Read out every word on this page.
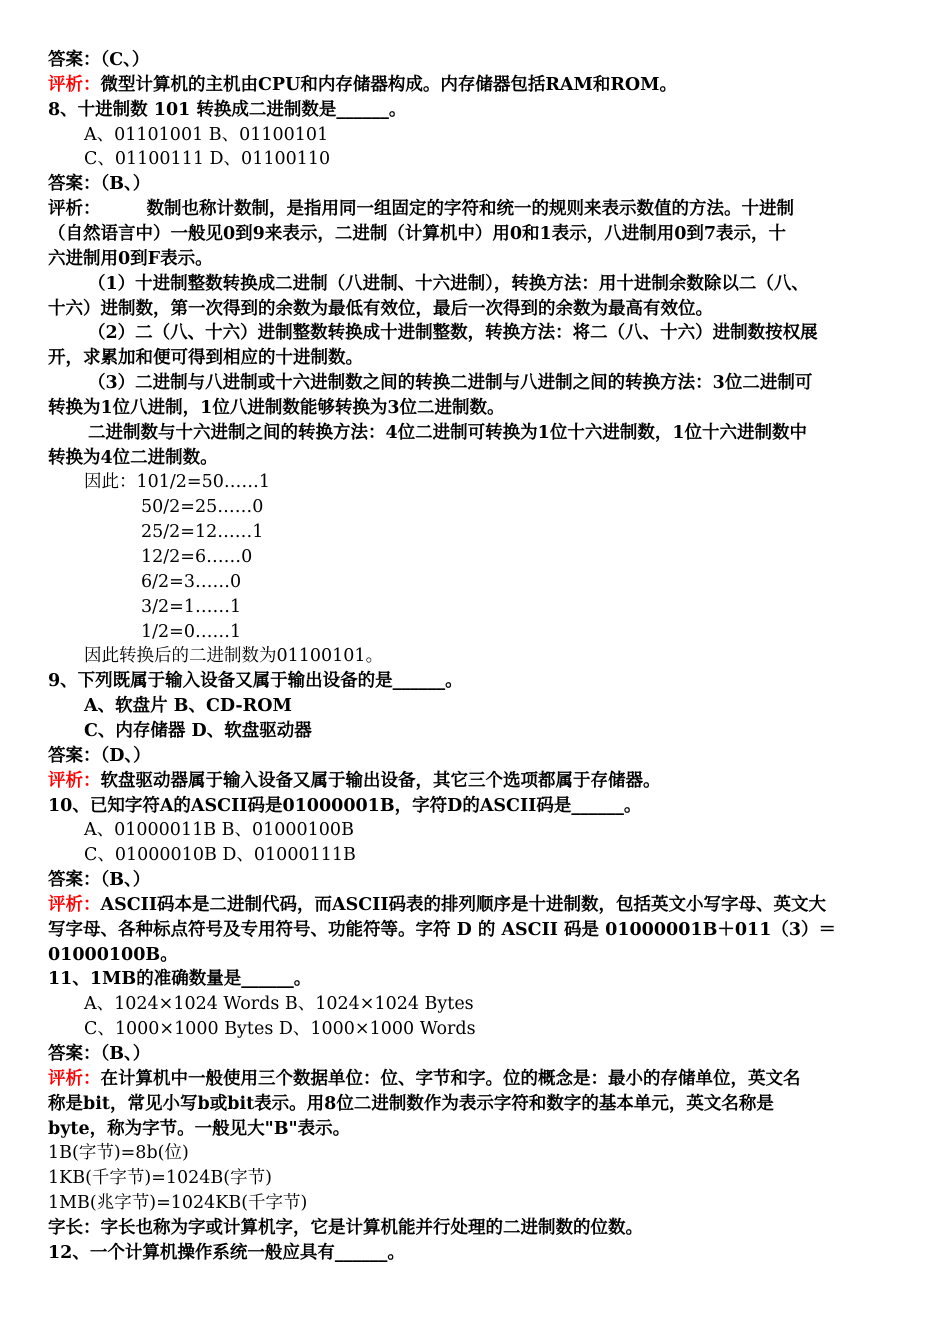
答案：（C、）
评析：微型计算机的主机由CPU和内存储器构成。内存储器包括RAM和ROM。
8、十进制数 101 转换成二进制数是______。
A、01101001 B、01100101
C、01100111 D、01100110
答案：（B、）
评析：	数制也称计数制，是指用同一组固定的字符和统一的规则来表示数值的方法。十进制
（自然语言中）一般见0到9来表示，二进制（计算机中）用0和1表示，八进制用0到7表示，十
六进制用0到F表示。
（1）十进制整数转换成二进制（八进制、十六进制），转换方法：用十进制余数除以二（八、
十六）进制数，第一次得到的余数为最低有效位，最后一次得到的余数为最高有效位。
（2）二（八、十六）进制整数转换成十进制整数，转换方法：将二（八、十六）进制数按权展
开，求累加和便可得到相应的十进制数。
（3）二进制与八进制或十六进制数之间的转换二进制与八进制之间的转换方法：3位二进制可
转换为1位八进制，1位八进制数能够转换为3位二进制数。
二进制数与十六进制之间的转换方法：4位二进制可转换为1位十六进制数，1位十六进制数中
转换为4位二进制数。
因此：101/2=50……1
50/2=25……0
25/2=12……1
12/2=6……0
6/2=3……0
3/2=1……1
1/2=0……1
因此转换后的二进制数为01100101。
9、下列既属于输入设备又属于输出设备的是______。
A、软盘片 B、CD-ROM
C、内存储器 D、软盘驱动器
答案：（D、）
评析：软盘驱动器属于输入设备又属于输出设备，其它三个选项都属于存储器。
10、已知字符A的ASCII码是01000001B，字符D的ASCII码是______。
A、01000011B B、01000100B
C、01000010B D、01000111B
答案：（B、）
评析：ASCII码本是二进制代码，而ASCII码表的排列顺序是十进制数，包括英文小写字母、英文大
写字母、各种标点符号及专用符号、功能符等。字符 D 的 ASCII 码是 01000001B＋011（3）＝
01000100B。
11、1MB的准确数量是______。
A、1024×1024 Words B、1024×1024 Bytes
C、1000×1000 Bytes D、1000×1000 Words
答案：（B、）
评析：在计算机中一般使用三个数据单位：位、字节和字。位的概念是：最小的存储单位，英文名
称是bit，常见小写b或bit表示。用8位二进制数作为表示字符和数字的基本单元，英文名称是
byte，称为字节。一般见大"B"表示。
1B(字节)=8b(位)
1KB(千字节)=1024B(字节)
1MB(兆字节)=1024KB(千字节)
字长：字长也称为字或计算机字，它是计算机能并行处理的二进制数的位数。
12、一个计算机操作系统一般应具有______。
